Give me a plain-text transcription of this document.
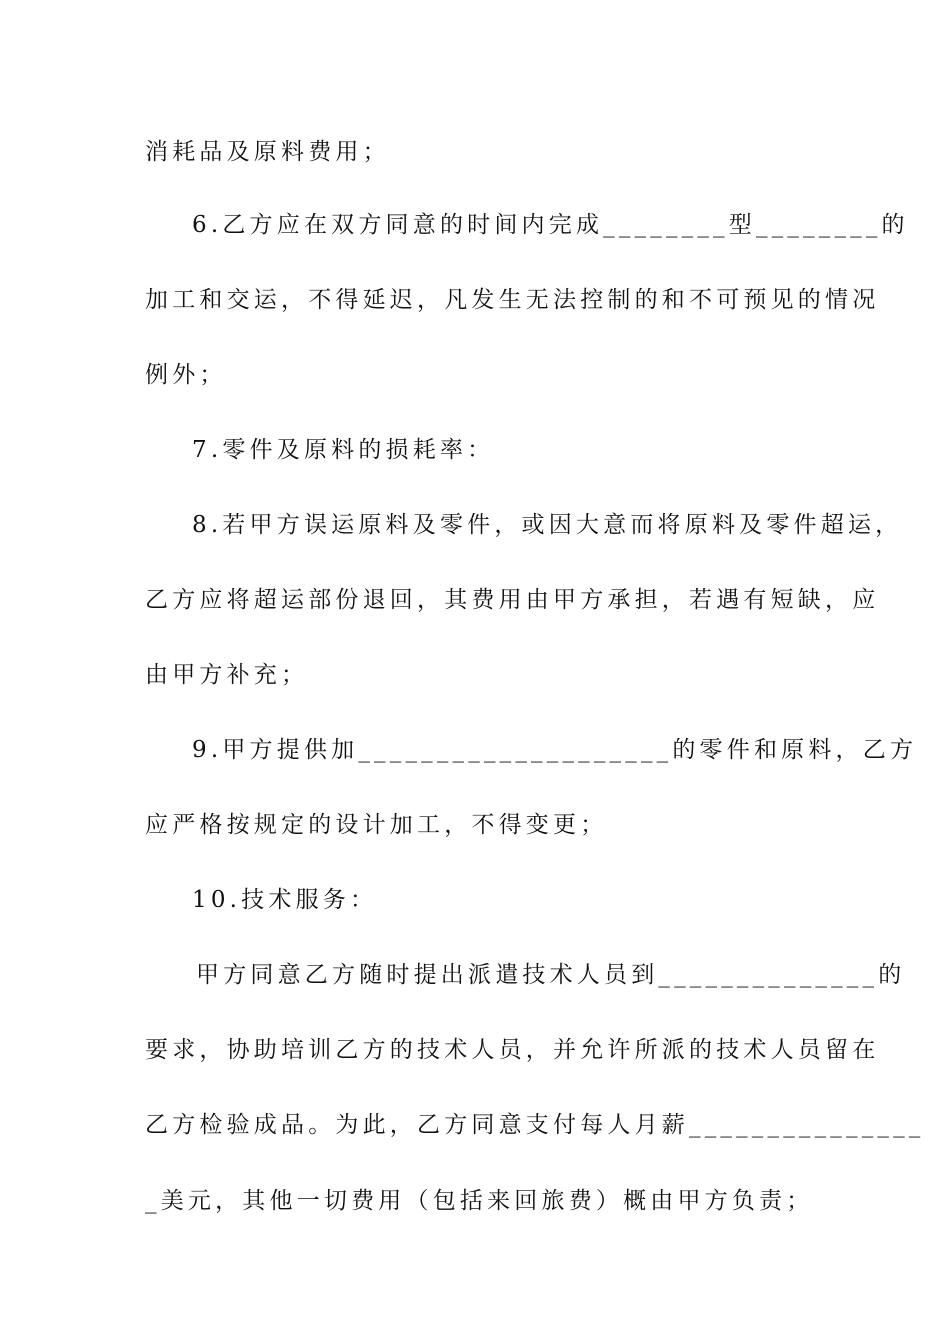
消耗品及原料费用；
6.乙方应在双方同意的时间内完成________型________的
加工和交运，不得延迟，凡发生无法控制的和不可预见的情况
例外；
7.零件及原料的损耗率：
8.若甲方误运原料及零件，或因大意而将原料及零件超运，
乙方应将超运部份退回，其费用由甲方承担，若遇有短缺，应
由甲方补充；
9.甲方提供加____________________的零件和原料，乙方
应严格按规定的设计加工，不得变更；
10.技术服务：
甲方同意乙方随时提出派遣技术人员到______________的
要求，协助培训乙方的技术人员，并允许所派的技术人员留在
乙方检验成品。为此，乙方同意支付每人月薪_______________
_美元，其他一切费用（包括来回旅费）概由甲方负责；
